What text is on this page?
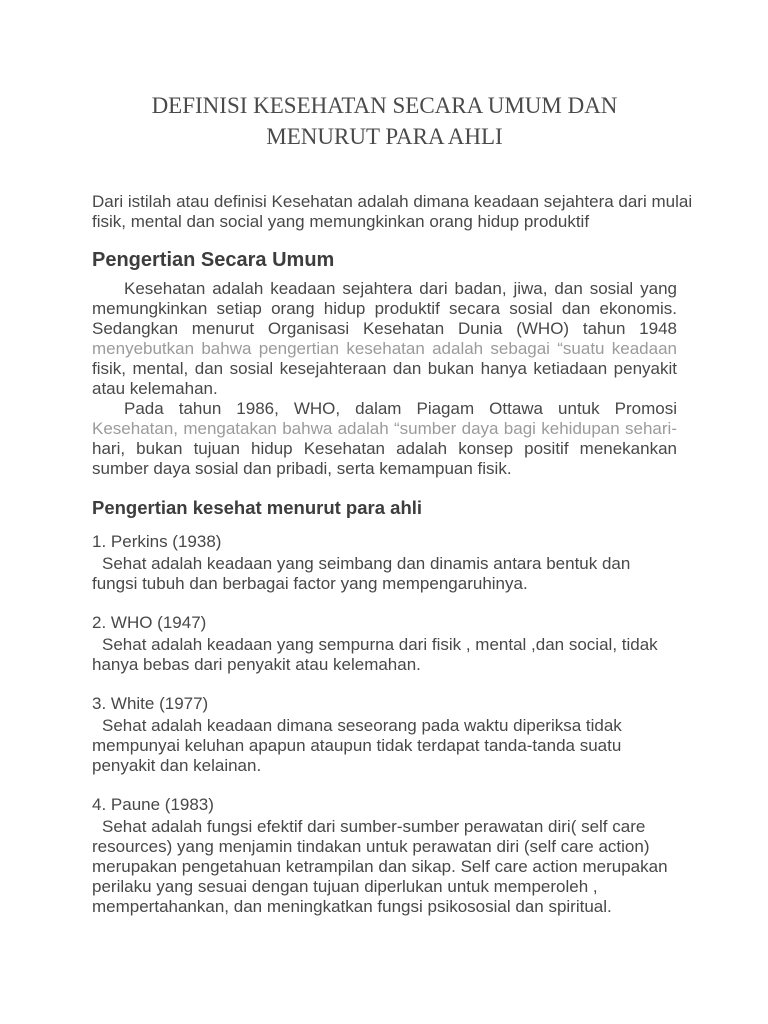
DEFINISI KESEHATAN SECARA UMUM DAN
MENURUT PARA AHLI
Dari istilah atau definisi Kesehatan adalah dimana keadaan sejahtera dari mulai
fisik, mental dan social yang memungkinkan orang hidup produktif
Pengertian Secara Umum
Kesehatan adalah keadaan sejahtera dari badan, jiwa, dan sosial yang
memungkinkan setiap orang hidup produktif secara sosial dan ekonomis.
Sedangkan menurut Organisasi Kesehatan Dunia (WHO) tahun 1948
menyebutkan bahwa pengertian kesehatan adalah sebagai “suatu keadaan
fisik, mental, dan sosial kesejahteraan dan bukan hanya ketiadaan penyakit
atau kelemahan.
Pada tahun 1986, WHO, dalam Piagam Ottawa untuk Promosi
Kesehatan, mengatakan bahwa adalah “sumber daya bagi kehidupan sehari-
hari, bukan tujuan hidup Kesehatan adalah konsep positif menekankan
sumber daya sosial dan pribadi, serta kemampuan fisik.
Pengertian kesehat menurut para ahli
1. Perkins (1938)
Sehat adalah keadaan yang seimbang dan dinamis antara bentuk dan
fungsi tubuh dan berbagai factor yang mempengaruhinya.
2. WHO (1947)
Sehat adalah keadaan yang sempurna dari fisik , mental ,dan social, tidak
hanya bebas dari penyakit atau kelemahan.
3. White (1977)
Sehat adalah keadaan dimana seseorang pada waktu diperiksa tidak
mempunyai keluhan apapun ataupun tidak terdapat tanda-tanda suatu
penyakit dan kelainan.
4. Paune (1983)
Sehat adalah fungsi efektif dari sumber-sumber perawatan diri( self care
resources) yang menjamin tindakan untuk perawatan diri (self care action)
merupakan pengetahuan ketrampilan dan sikap. Self care action merupakan
perilaku yang sesuai dengan tujuan diperlukan untuk memperoleh ,
mempertahankan, dan meningkatkan fungsi psikososial dan spiritual.
